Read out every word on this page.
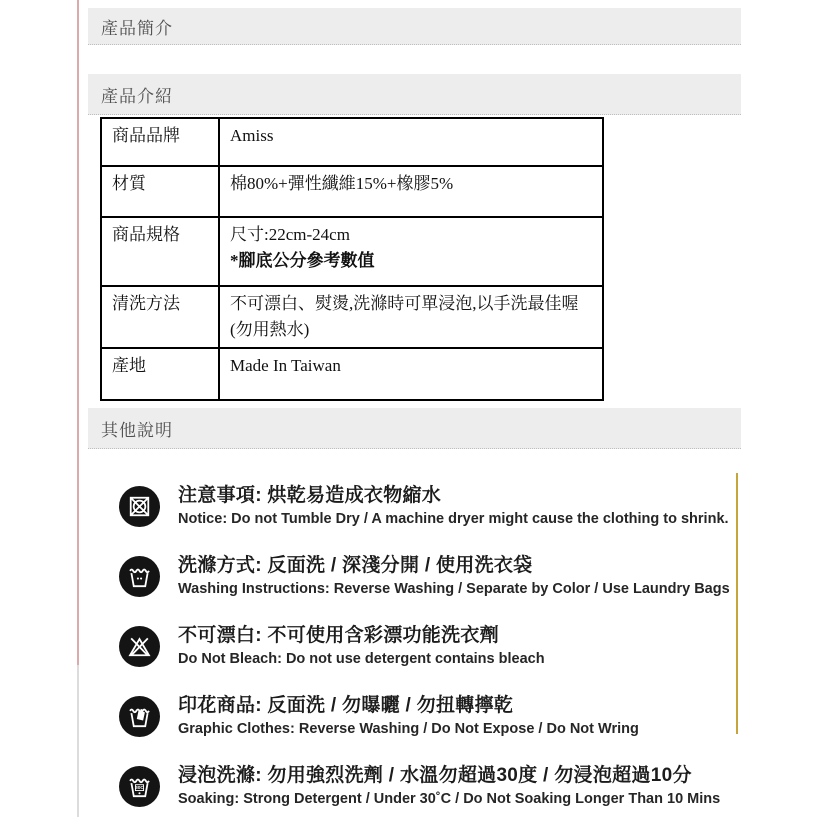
產品簡介
產品介紹
商品品牌	Amiss
材質	棉80%+彈性纖維15%+橡膠5%
商品規格	尺寸:22cm-24cm
*腳底公分參考數值

清洗方法	不可漂白、熨燙,洗滌時可單浸泡,以手洗最佳喔(勿用熱水)
產地	Made In Taiwan
其他說明
注意事項: 烘乾易造成衣物縮水
Notice: Do not Tumble Dry / A machine dryer might cause the clothing to shrink.
洗滌方式: 反面洗 / 深淺分開 / 使用洗衣袋
Washing Instructions: Reverse Washing / Separate by Color / Use Laundry Bags
不可漂白: 不可使用含彩漂功能洗衣劑
Do Not Bleach: Do not use detergent contains bleach
印花商品: 反面洗 / 勿曝曬 / 勿扭轉擰乾
Graphic Clothes: Reverse Washing / Do Not Expose / Do Not Wring
30C
浸泡洗滌: 勿用強烈洗劑 / 水溫勿超過30度 / 勿浸泡超過10分
Soaking: Strong Detergent / Under 30˚C / Do Not Soaking Longer Than 10 Mins
